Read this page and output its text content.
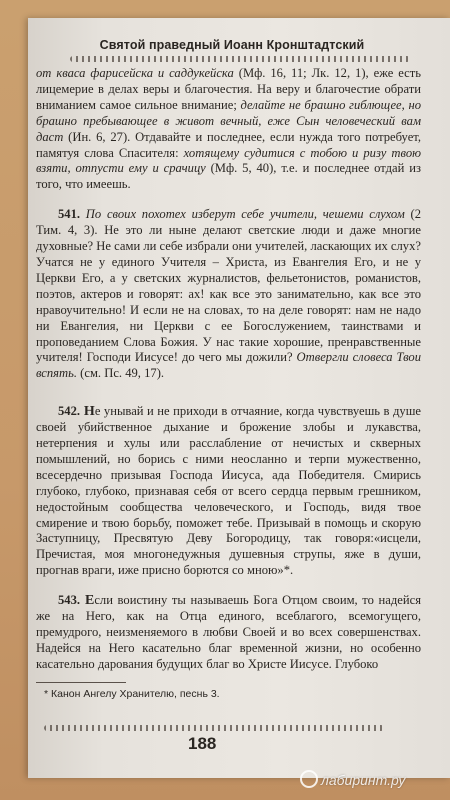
Святой праведный Иоанн Кронштадтский

от кваса фарисейска и саддукейска (Мф. 16, 11; Лк. 12, 1), еже есть лицемерие в делах веры и благочестия. На веру и благочестие обрати вниманием самое сильное внимание; делайте не брашно гиблющее, но брашно пребывающее в живот вечный, еже Сын человеческий вам даст (Ин. 6, 27). Отдавайте и последнее, если нужда того потребует, памятуя слова Спасителя: хотящему судитися с тобою и ризу твою взяти, отпусти ему и срачицу (Мф. 5, 40), т.е. и последнее отдай из того, что имеешь.

541. По своих похотех изберут себе учители, чешеми слухом (2 Тим. 4, 3). Не это ли ныне делают светские люди и даже многие духовные? Не сами ли себе избрали они учителей, ласкающих их слух? Учатся не у единого Учителя – Христа, из Евангелия Его, и не у Церкви Его, а у светских журналистов, фельетонистов, романистов, поэтов, актеров и говорят: ах! как все это занимательно, как все это нравоучительно! И если не на словах, то на деле говорят: нам не надо ни Евангелия, ни Церкви с ее Богослужением, таинствами и проповеданием Слова Божия. У нас такие хорошие, пренравственные учителя! Господи Иисусе! до чего мы дожили? Отвергли словеса Твои вспять. (см. Пс. 49, 17).

542. Не унывай и не приходи в отчаяние, когда чувствуешь в душе своей убийственное дыхание и брожение злобы и лукавства, нетерпения и хулы или расслабление от нечистых и скверных помышлений, но борись с ними неосланно и терпи мужественно, всесердечно призывая Господа Иисуса, ада Победителя. Смирись глубоко, глубоко, признавая себя от всего сердца первым грешником, недостойным сообщества человеческого, и Господь, видя твое смирение и твою борьбу, поможет тебе. Призывай в помощь и скорую Заступницу, Пресвятую Деву Богородицу, так говоря:«исцели, Пречистая, моя многонедужныя душевныя струпы, яже в души, прогнав враги, иже присно борются со мною»*.

543. Если воистину ты называешь Бога Отцом своим, то надейся же на Него, как на Отца единого, всеблагого, всемогущего, премудрого, неизменяемого в любви Своей и во всех совершенствах. Надейся на Него касательно благ временной жизни, но особенно касательно дарования будущих благ во Христе Иисусе. Глубоко

* Канон Ангелу Хранителю, песнь 3.
188
лабиринт.ру
